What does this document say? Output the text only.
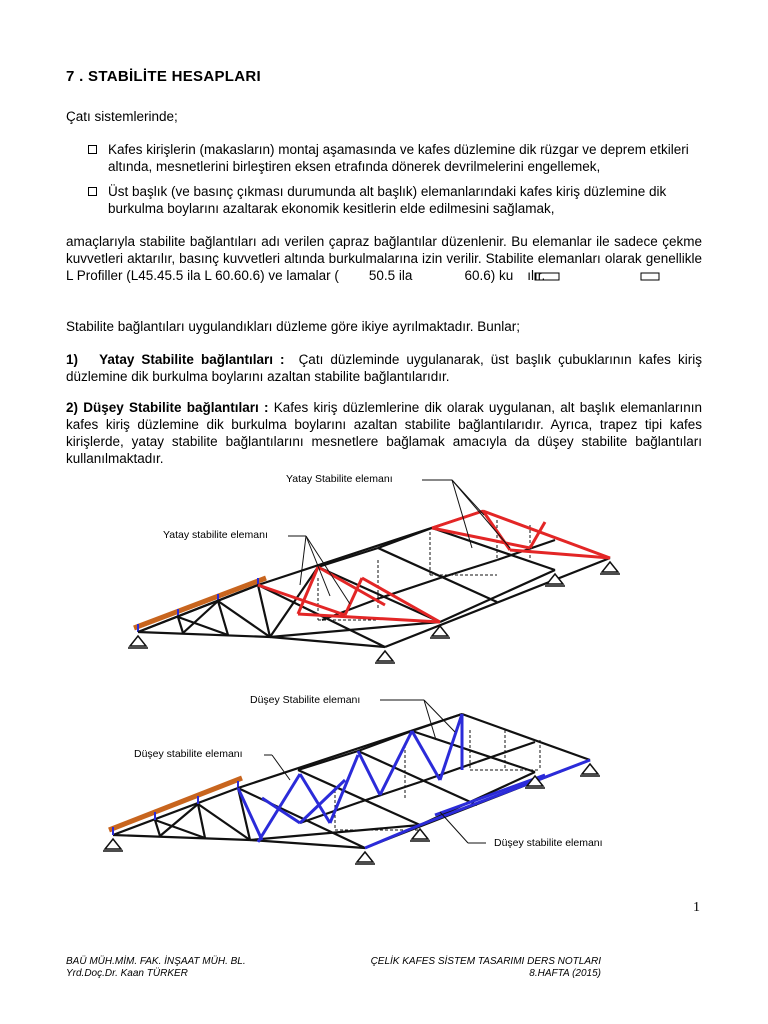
7 . STABİLİTE HESAPLARI
Çatı sistemlerinde;
Kafes kirişlerin (makasların) montaj aşamasında ve kafes düzlemine dik rüzgar ve deprem etkileri altında, mesnetlerini birleştiren eksen etrafında dönerek devrilmelerini engellemek,
Üst başlık (ve basınç çıkması durumunda alt başlık) elemanlarındaki kafes kiriş düzlemine dik burkulma boylarını azaltarak ekonomik kesitlerin elde edilmesini sağlamak,
amaçlarıyla stabilite bağlantıları adı verilen çapraz bağlantılar düzenlenir. Bu elemanlar ile sadece çekme kuvvetleri aktarılır, basınç kuvvetleri altında burkulmalarına izin verilir. Stabilite elemanları olarak genellikle L Profiller (L45.45.5 ila L 60.60.6) ve lamalar ( 50.5 ila	60.6) ku ılır.
Stabilite bağlantıları uygulandıkları düzleme göre ikiye ayrılmaktadır. Bunlar;
1) Yatay Stabilite bağlantıları : Çatı düzleminde uygulanarak, üst başlık çubuklarının kafes kiriş düzlemine dik burkulma boylarını azaltan stabilite bağlantılarıdır.
2) Düşey Stabilite bağlantıları : Kafes kiriş düzlemlerine dik olarak uygulanan, alt başlık elemanlarının kafes kiriş düzlemine dik burkulma boylarını azaltan stabilite bağlantılarıdır. Ayrıca, trapez tipi kafes kirişlerde, yatay stabilite bağlantılarını mesnetlere bağlamak amacıyla da düşey stabilite bağlantıları kullanılmaktadır.
Yatay Stabilite elemanı
Yatay stabilite elemanı
Düşey Stabilite elemanı
Düşey stabilite elemanı
Düşey stabilite elemanı
1
BAÜ MÜH.MİM. FAK. İNŞAAT MÜH. BL.
Yrd.Doç.Dr. Kaan TÜRKER
ÇELİK KAFES SİSTEM TASARIMI DERS NOTLARI
8.HAFTA (2015)
